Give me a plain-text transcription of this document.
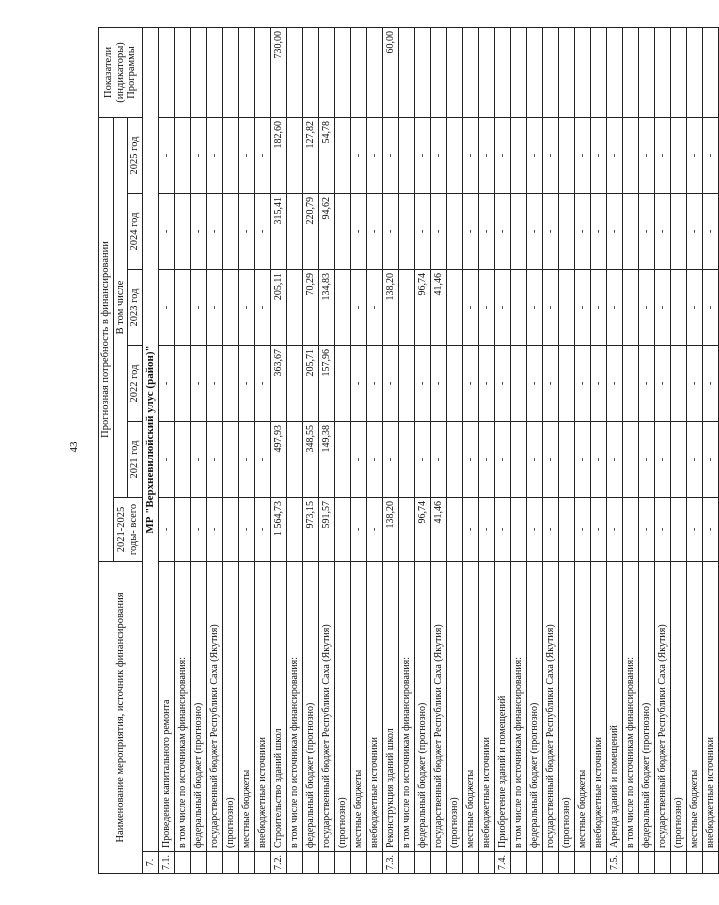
43
Наименование мероприятия, источник финансирования		Прогнозная потребность в финансировании						Показатели (индикаторы) Программы

		2021-2025 годы- всего	В том числе					
			2021 год	2022 год	2023 год	2024 год	2025 год	
7.	МР "Верхневилюйский улус (район)"							
7.1.	Проведение капитального ремонта	-	-	-	-	-	-	
	в том числе по источникам финансирования:							
	федеральный бюджет (прогнозно)	-	-	-	-	-	-	
	государственный бюджет Республики Саха (Якутия)	-	-	-	-	-	-	
	(прогнозно)							
	местные бюджеты	-	-	-	-	-	-	
	внебюджетные источники	-	-	-	-	-	-	
7.2.	Строительство зданий школ	1 564,73	497,93	363,67	205,11	315,41	182,60	730,00
	в том числе по источникам финансирования:							
	федеральный бюджет (прогнозно)	973,15	348,55	205,71	70,29	220,79	127,82	
	государственный бюджет Республики Саха (Якутия)	591,57	149,38	157,96	134,83	94,62	54,78	
	(прогнозно)							
	местные бюджеты	-	-	-	-	-	-	
	внебюджетные источники	-	-	-	-	-	-	
7.3.	Реконструкция зданий школ	138,20	-	-	138,20	-	-	60,00
	в том числе по источникам финансирования:							
	федеральный бюджет (прогнозно)	96,74	-	-	96,74	-	-	
	государственный бюджет Республики Саха (Якутия)	41,46	-	-	41,46	-	-	
	(прогнозно)							
	местные бюджеты	-	-	-	-	-	-	
	внебюджетные источники	-	-	-	-	-	-	
7.4.	Приобретение зданий и помещений	-	-	-	-	-	-	
	в том числе по источникам финансирования:							
	федеральный бюджет (прогнозно)	-	-	-	-	-	-	
	государственный бюджет Республики Саха (Якутия)	-	-	-	-	-	-	
	(прогнозно)							
	местные бюджеты	-	-	-	-	-	-	
	внебюджетные источники	-	-	-	-	-	-	
7.5.	Аренда зданий и помещений	-	-	-	-	-	-	
	в том числе по источникам финансирования:							
	федеральный бюджет (прогнозно)	-	-	-	-	-	-	
	государственный бюджет Республики Саха (Якутия)	-	-	-	-	-	-	
	(прогнозно)							
	местные бюджеты	-	-	-	-	-	-	
	внебюджетные источники	-	-	-	-	-	-	
